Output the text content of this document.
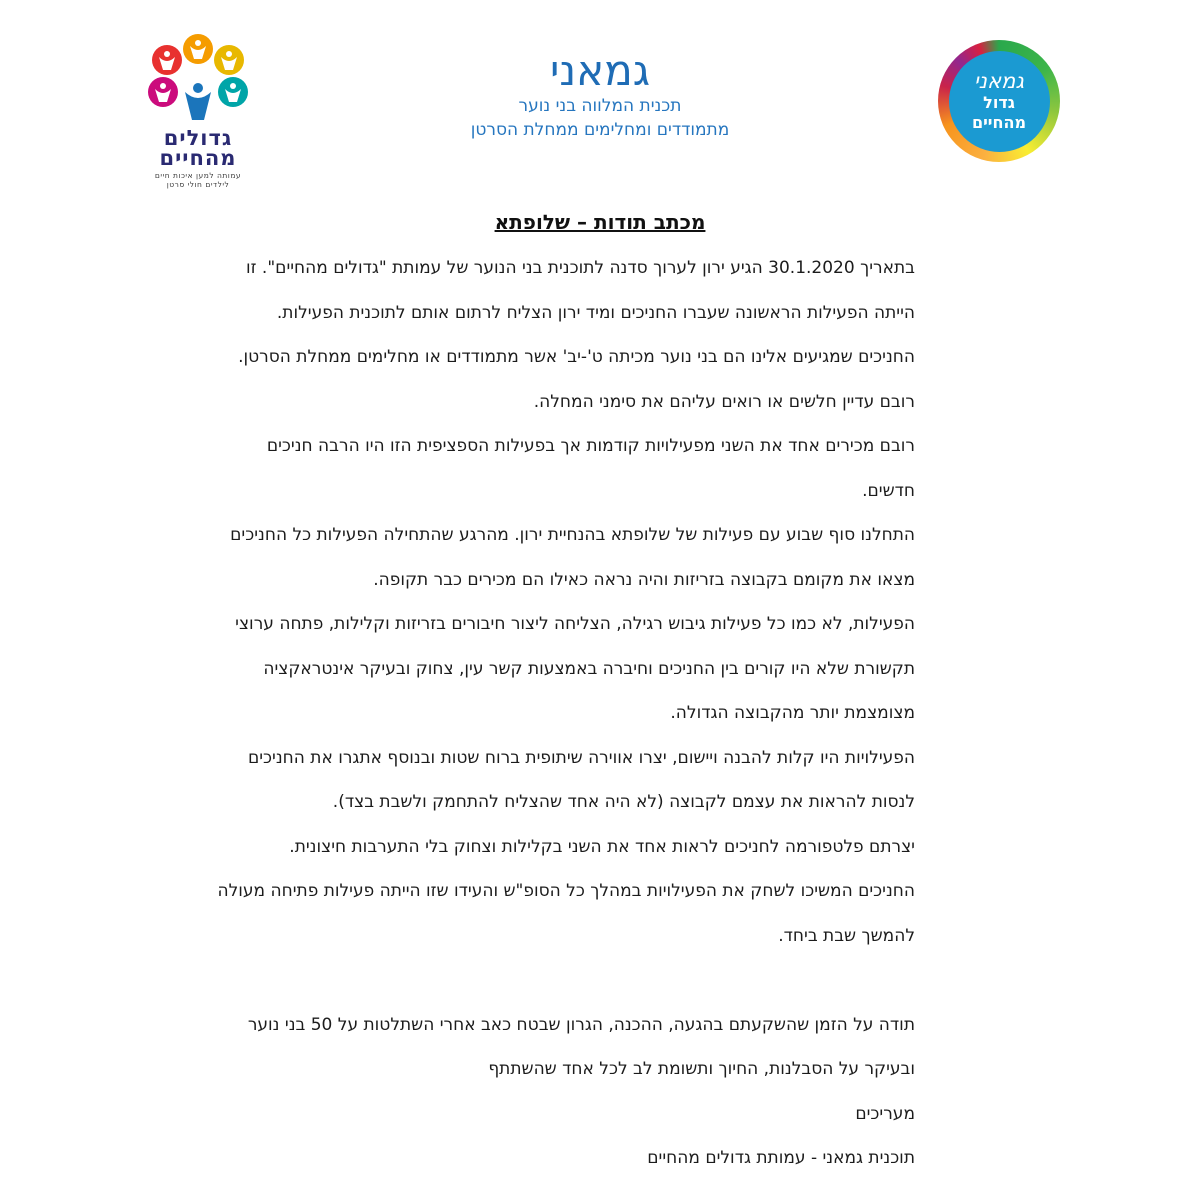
גדולים
מהחיים
עמותה למען איכות חיים
לילדים חולי סרטן
גמאני
תכנית המלווה בני נוער
מתמודדים ומחלימים ממחלת הסרטן
גמאני
גדול
מהחיים
מכתב תודות – שלופתא
בתאריך 30.1.2020 הגיע ירון לערוך סדנה לתוכנית בני הנוער של עמותת "גדולים מהחיים". זו
הייתה הפעילות הראשונה שעברו החניכים ומיד ירון הצליח לרתום אותם לתוכנית הפעילות.
החניכים שמגיעים אלינו הם בני נוער מכיתה ט'-יב' אשר מתמודדים או מחלימים ממחלת הסרטן.
רובם עדיין חלשים או רואים עליהם את סימני המחלה.
רובם מכירים אחד את השני מפעילויות קודמות אך בפעילות הספציפית הזו היו הרבה חניכים
חדשים.
התחלנו סוף שבוע עם פעילות של שלופתא בהנחיית ירון. מהרגע שהתחילה הפעילות כל החניכים
מצאו את מקומם בקבוצה בזריזות והיה נראה כאילו הם מכירים כבר תקופה.
הפעילות, לא כמו כל פעילות גיבוש רגילה, הצליחה ליצור חיבורים בזריזות וקלילות, פתחה ערוצי
תקשורת שלא היו קורים בין החניכים וחיברה באמצעות קשר עין, צחוק ובעיקר אינטראקציה
מצומצמת יותר מהקבוצה הגדולה.
הפעילויות היו קלות להבנה ויישום, יצרו אווירה שיתופית ברוח שטות ובנוסף אתגרו את החניכים
לנסות להראות את עצמם לקבוצה (לא היה אחד שהצליח להתחמק ולשבת בצד).
יצרתם פלטפורמה לחניכים לראות אחד את השני בקלילות וצחוק בלי התערבות חיצונית.
החניכים המשיכו לשחק את הפעילויות במהלך כל הסופ"ש והעידו שזו הייתה פעילות פתיחה מעולה
להמשך שבת ביחד.
תודה על הזמן שהשקעתם בהגעה, ההכנה, הגרון שבטח כאב אחרי השתלטות על 50 בני נוער
ובעיקר על הסבלנות, החיוך ותשומת לב לכל אחד שהשתתף
מעריכים
תוכנית גמאני - עמותת גדולים מהחיים
